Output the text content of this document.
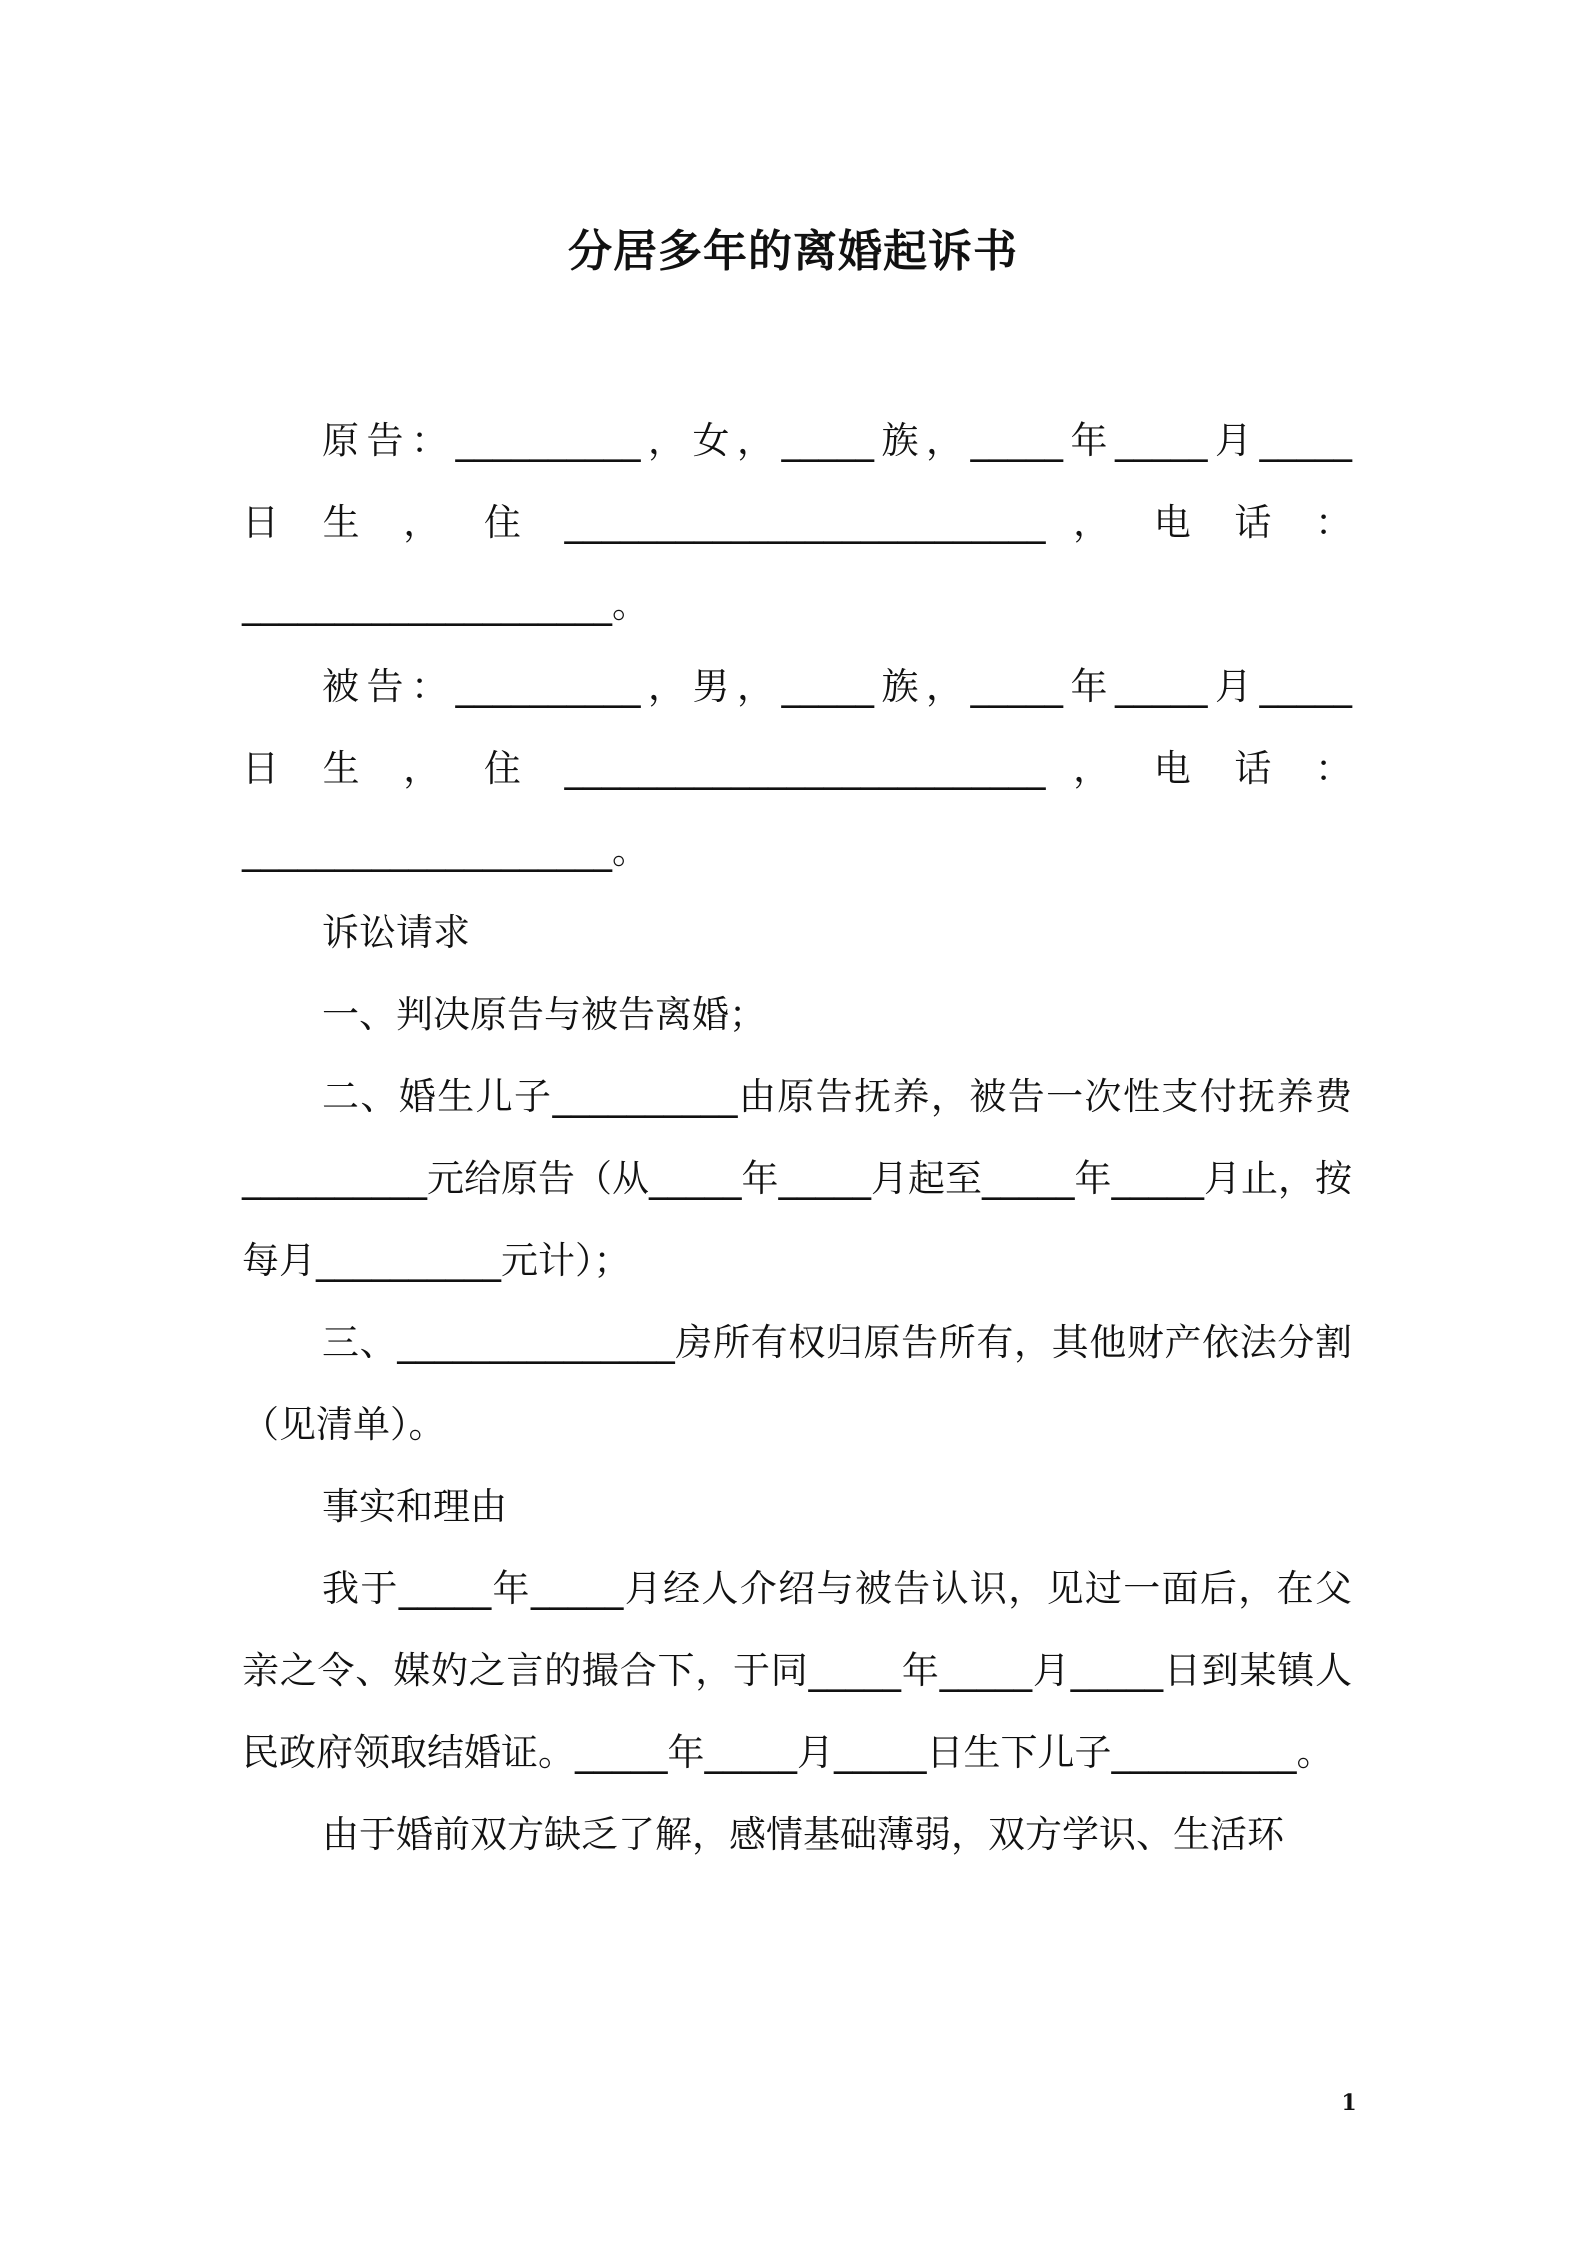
分居多年的离婚起诉书
原告：__________，女，_____族，_____年_____月_____
日 生 ， 住 __________________________ ， 电 话 ：
____________________。
被告：__________，男，_____族，_____年_____月_____
日 生 ， 住 __________________________ ， 电 话 ：
____________________。

诉讼请求

一、判决原告与被告离婚；

二、婚生儿子__________由原告抚养，被告一次性支付抚养费__________元给原告（从_____年_____月起至_____年_____月止，按每月__________元计）；

三、_______________房所有权归原告所有，其他财产依法分割（见清单）。

事实和理由

我于_____年_____月经人介绍与被告认识，见过一面后，在父亲之令、媒妁之言的撮合下，于同_____年_____月_____日到某镇人民政府领取结婚证。_____年_____月_____日生下儿子__________。

由于婚前双方缺乏了解，感情基础薄弱，双方学识、生活环

1
